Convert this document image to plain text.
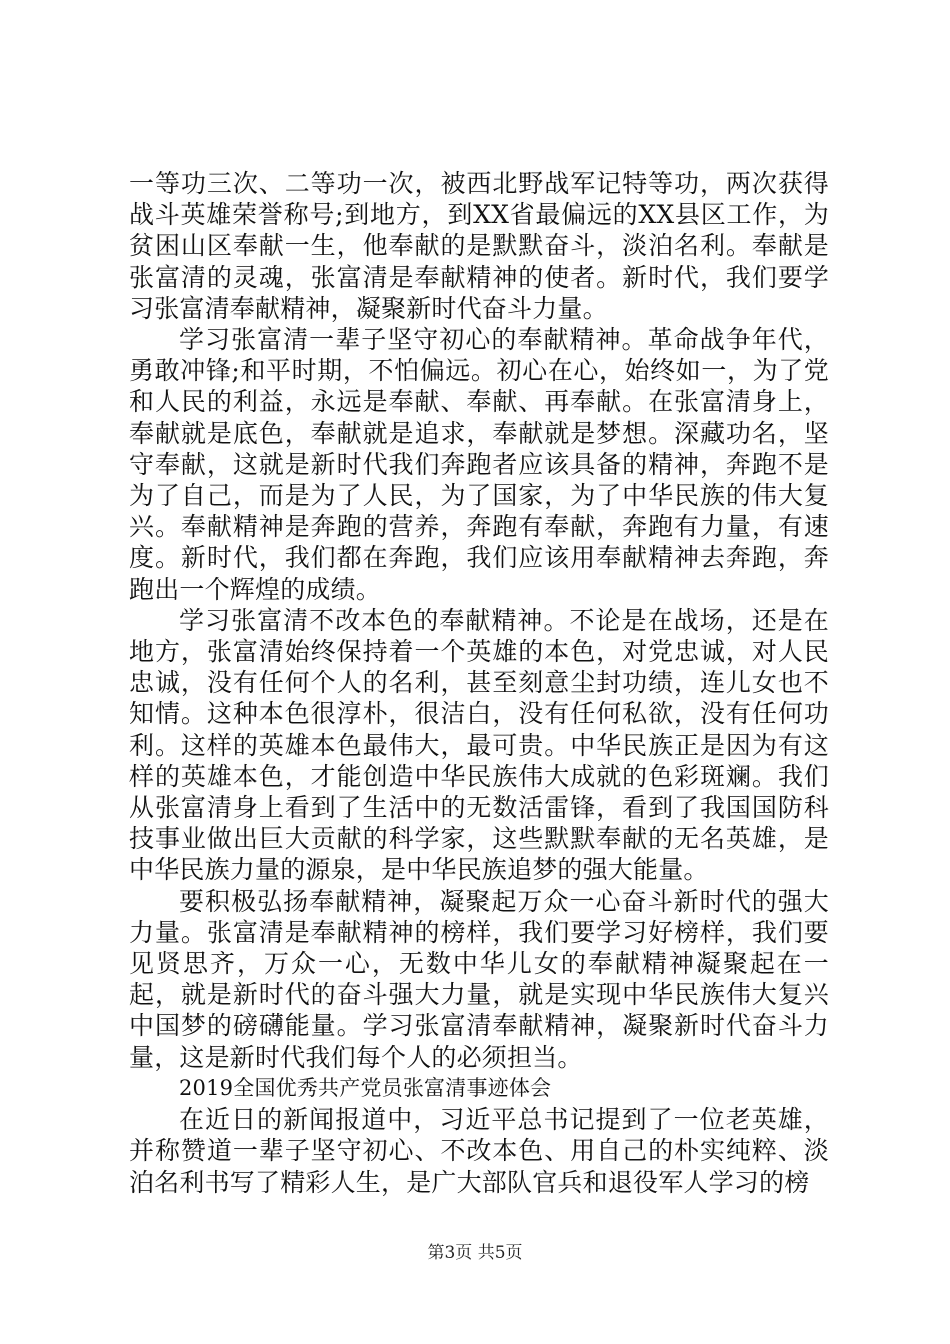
一等功三次、二等功一次，被西北野战军记特等功，两次获得战斗英雄荣誉称号;到地方，到XX省最偏远的XX县区工作，为贫困山区奉献一生，他奉献的是默默奋斗，淡泊名利。奉献是张富清的灵魂，张富清是奉献精神的使者。新时代，我们要学习张富清奉献精神，凝聚新时代奋斗力量。

学习张富清一辈子坚守初心的奉献精神。革命战争年代，勇敢冲锋;和平时期，不怕偏远。初心在心，始终如一，为了党和人民的利益，永远是奉献、奉献、再奉献。在张富清身上，奉献就是底色，奉献就是追求，奉献就是梦想。深藏功名，坚守奉献，这就是新时代我们奔跑者应该具备的精神，奔跑不是为了自己，而是为了人民，为了国家，为了中华民族的伟大复兴。奉献精神是奔跑的营养，奔跑有奉献，奔跑有力量，有速度。新时代，我们都在奔跑，我们应该用奉献精神去奔跑，奔跑出一个辉煌的成绩。

学习张富清不改本色的奉献精神。不论是在战场，还是在地方，张富清始终保持着一个英雄的本色，对党忠诚，对人民忠诚，没有任何个人的名利，甚至刻意尘封功绩，连儿女也不知情。这种本色很淳朴，很洁白，没有任何私欲，没有任何功利。这样的英雄本色最伟大，最可贵。中华民族正是因为有这样的英雄本色，才能创造中华民族伟大成就的色彩斑斓。我们从张富清身上看到了生活中的无数活雷锋，看到了我国国防科技事业做出巨大贡献的科学家，这些默默奉献的无名英雄，是中华民族力量的源泉，是中华民族追梦的强大能量。

要积极弘扬奉献精神，凝聚起万众一心奋斗新时代的强大力量。张富清是奉献精神的榜样，我们要学习好榜样，我们要见贤思齐，万众一心，无数中华儿女的奉献精神凝聚起在一起，就是新时代的奋斗强大力量，就是实现中华民族伟大复兴中国梦的磅礴能量。学习张富清奉献精神，凝聚新时代奋斗力量，这是新时代我们每个人的必须担当。

2019全国优秀共产党员张富清事迹体会

在近日的新闻报道中，习近平总书记提到了一位老英雄，并称赞道一辈子坚守初心、不改本色、用自己的朴实纯粹、淡泊名利书写了精彩人生，是广大部队官兵和退役军人学习的榜

第3页 共5页
